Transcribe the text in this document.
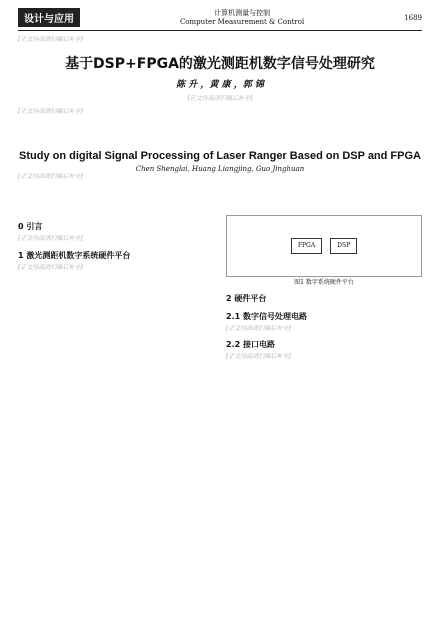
设计与应用
计算机测量与控制
Computer Measurement & Control	1689
[正文待高清扫描后补全]
基于DSP+FPGA的激光测距机数字信号处理研究
陈 升 ，黄 康 ，郭 锦
[正文待高清扫描后补全]
[正文待高清扫描后补全]
Study on digital Signal Processing of Laser Ranger Based on DSP and FPGA
Chen Shenglai, Huang Liangjing, Guo Jinghuan
[正文待高清扫描后补全]
0 引言
[正文待高清扫描后补全]
1 激光测距机数字系统硬件平台
[正文待高清扫描后补全]
FPGA	DSP
图1 数字系统硬件平台
2 硬件平台
2.1 数字信号处理电路
[正文待高清扫描后补全]
2.2 接口电路
[正文待高清扫描后补全]
